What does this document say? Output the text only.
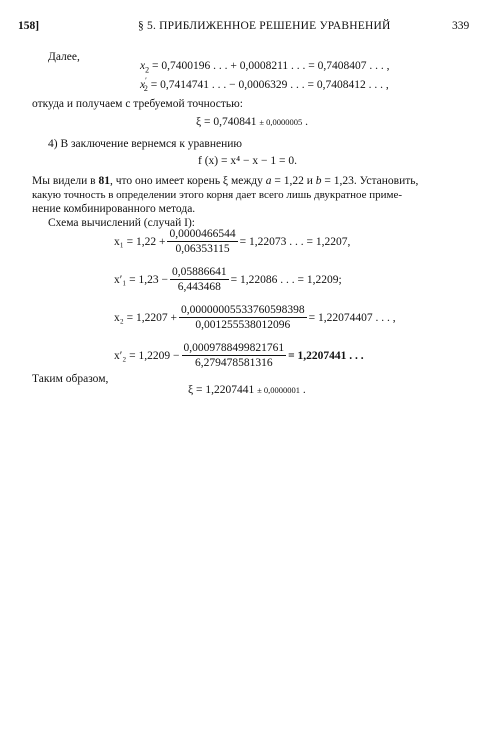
158]	§ 5. ПРИБЛИЖЕННОЕ РЕШЕНИЕ УРАВНЕНИЙ	339
Далее,
$x_2 = 0,7400196$ . . . + 0,0008211 . . . = 0,7408407 . . . ,
$x'_2 = 0,7414741$ . . . − 0,0006329 . . . = 0,7408412 . . . ,
откуда и получаем с требуемой точностью:
ξ = 0,740841 ± 0,0000005 .
4) В заключение вернемся к уравнению
f (x) = x⁴ − x − 1 = 0.
Мы видели в 81, что оно имеет корень ξ между a = 1,22 и b = 1,23. Установить,
какую точность в определении этого корня дает всего лишь двукратное приме-
нение комбинированного метода.
Схема вычислений (случай I):
$x_1 = 1,22 + \frac{0,0000466544}{0,06353115} = 1,22073$ . . . = 1,2207,
$x'_1 = 1,23 - \frac{0,05886641}{6,443468} = 1,22086$ . . . = 1,2209;
$x_2 = 1,2207 + \frac{0,00000005533760598398}{0,001255538012096} = 1,22074407$ . . . ,
$x'_2 = 1,2209 - \frac{0,0009788499821761}{6,279478581316} = 1,2207441$ . . .
Таким образом,
ξ = 1,2207441 ± 0,0000001 .
